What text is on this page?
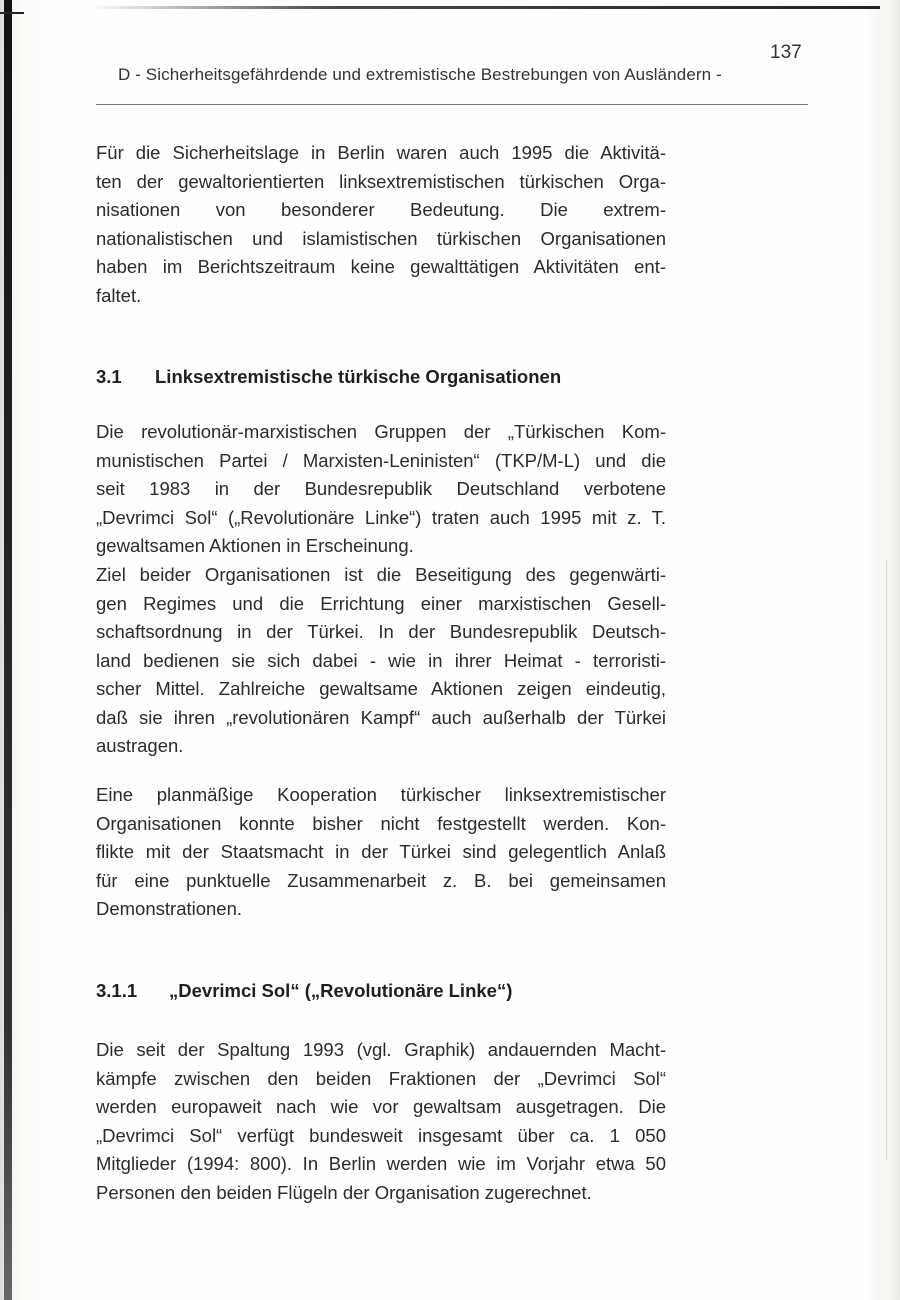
137
D - Sicherheitsgefährdende und extremistische Bestrebungen von Ausländern -

Für die Sicherheitslage in Berlin waren auch 1995 die Aktivitä-
ten der gewaltorientierten linksextremistischen türkischen Orga-
nisationen von besonderer Bedeutung. Die extrem-
nationalistischen und islamistischen türkischen Organisationen
haben im Berichtszeitraum keine gewalttätigen Aktivitäten ent-
faltet.

3.1 Linksextremistische türkische Organisationen

Die revolutionär-marxistischen Gruppen der „Türkischen Kom-
munistischen Partei / Marxisten-Leninisten“ (TKP/M-L) und die
seit 1983 in der Bundesrepublik Deutschland verbotene
„Devrimci Sol“ („Revolutionäre Linke“) traten auch 1995 mit z. T.
gewaltsamen Aktionen in Erscheinung.

Ziel beider Organisationen ist die Beseitigung des gegenwärti-
gen Regimes und die Errichtung einer marxistischen Gesell-
schaftsordnung in der Türkei. In der Bundesrepublik Deutsch-
land bedienen sie sich dabei - wie in ihrer Heimat - terroristi-
scher Mittel. Zahlreiche gewaltsame Aktionen zeigen eindeutig,
daß sie ihren „revolutionären Kampf“ auch außerhalb der Türkei
austragen.

Eine planmäßige Kooperation türkischer linksextremistischer
Organisationen konnte bisher nicht festgestellt werden. Kon-
flikte mit der Staatsmacht in der Türkei sind gelegentlich Anlaß
für eine punktuelle Zusammenarbeit z. B. bei gemeinsamen
Demonstrationen.

3.1.1 „Devrimci Sol“ („Revolutionäre Linke“)

Die seit der Spaltung 1993 (vgl. Graphik) andauernden Macht-
kämpfe zwischen den beiden Fraktionen der „Devrimci Sol“
werden europaweit nach wie vor gewaltsam ausgetragen. Die
„Devrimci Sol“ verfügt bundesweit insgesamt über ca. 1 050
Mitglieder (1994: 800). In Berlin werden wie im Vorjahr etwa 50
Personen den beiden Flügeln der Organisation zugerechnet.
